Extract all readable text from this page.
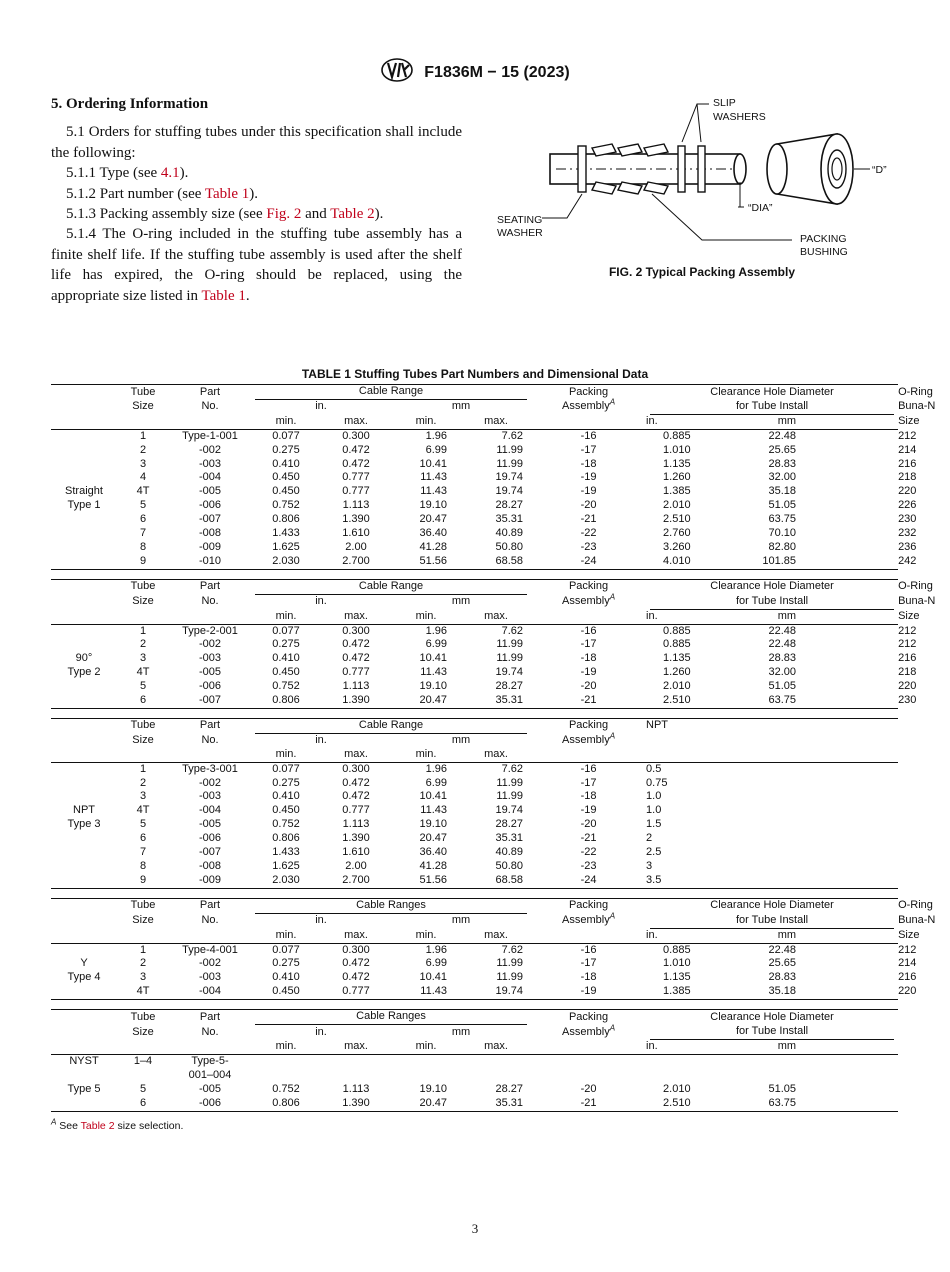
F1836M − 15 (2023)
5. Ordering Information

5.1 Orders for stuffing tubes under this specification shall include the following:

5.1.1 Type (see 4.1).

5.1.2 Part number (see Table 1).

5.1.3 Packing assembly size (see Fig. 2 and Table 2).

5.1.4 The O-ring included in the stuffing tube assembly has a finite shelf life. If the stuffing tube assembly is used after the shelf life has expired, the O-ring should be replaced, using the appropriate size listed in Table 1.

SLIP
WASHERS
SEATING
WASHER	PACKING
BUSHING
“D”
“DIA”
FIG. 2 Typical Packing Assembly
TABLE 1 Stuffing Tubes Part Numbers and Dimensional Data
	Tube	Part	Cable Range				Packing	Clearance Hole Diameter			O-Ring
	Size	No.	in.		mm		Assembly$^A$	for Tube Install			Buna-N
			min.	max.	min.	max.		in.	mm		Size
	1	Type-1-001	0.077	0.300	1.96	7.62	-16	0.885	22.48		212
	2	-002	0.275	0.472	6.99	11.99	-17	1.010	25.65		214
	3	-003	0.410	0.472	10.41	11.99	-18	1.135	28.83		216
	4	-004	0.450	0.777	11.43	19.74	-19	1.260	32.00		218
Straight	4T	-005	0.450	0.777	11.43	19.74	-19	1.385	35.18		220
Type 1	5	-006	0.752	1.113	19.10	28.27	-20	2.010	51.05		226
	6	-007	0.806	1.390	20.47	35.31	-21	2.510	63.75		230
	7	-008	1.433	1.610	36.40	40.89	-22	2.760	70.10		232
	8	-009	1.625	2.00	41.28	50.80	-23	3.260	82.80		236
	9	-010	2.030	2.700	51.56	68.58	-24	4.010	101.85		242

	Tube	Part	Cable Range				Packing	Clearance Hole Diameter			O-Ring
	Size	No.	in.		mm		Assembly$^A$	for Tube Install			Buna-N
			min.	max.	min.	max.		in.	mm		Size
	1	Type-2-001	0.077	0.300	1.96	7.62	-16	0.885	22.48		212
	2	-002	0.275	0.472	6.99	11.99	-17	0.885	22.48		212
90°	3	-003	0.410	0.472	10.41	11.99	-18	1.135	28.83		216
Type 2	4T	-005	0.450	0.777	11.43	19.74	-19	1.260	32.00		218
	5	-006	0.752	1.113	19.10	28.27	-20	2.010	51.05		220
	6	-007	0.806	1.390	20.47	35.31	-21	2.510	63.75		230

	Tube	Part	Cable Range				Packing	NPT			
	Size	No.	in.		mm		Assembly$^A$	
			min.	max.	min.	max.					
	1	Type-3-001	0.077	0.300	1.96	7.62	-16	0.5			
	2	-002	0.275	0.472	6.99	11.99	-17	0.75			
	3	-003	0.410	0.472	10.41	11.99	-18	1.0			
NPT	4T	-004	0.450	0.777	11.43	19.74	-19	1.0			
Type 3	5	-005	0.752	1.113	19.10	28.27	-20	1.5			
	6	-006	0.806	1.390	20.47	35.31	-21	2			
	7	-007	1.433	1.610	36.40	40.89	-22	2.5			
	8	-008	1.625	2.00	41.28	50.80	-23	3			
	9	-009	2.030	2.700	51.56	68.58	-24	3.5			

	Tube	Part	Cable Ranges				Packing	Clearance Hole Diameter			O-Ring
	Size	No.	in.		mm		Assembly$^A$	for Tube Install			Buna-N
			min.	max.	min.	max.		in.	mm		Size
	1	Type-4-001	0.077	0.300	1.96	7.62	-16	0.885	22.48		212
Y	2	-002	0.275	0.472	6.99	11.99	-17	1.010	25.65		214
Type 4	3	-003	0.410	0.472	10.41	11.99	-18	1.135	28.83		216
	4T	-004	0.450	0.777	11.43	19.74	-19	1.385	35.18		220

	Tube	Part	Cable Ranges				Packing	Clearance Hole Diameter			
	Size	No.	in.		mm		Assembly$^A$	for Tube Install			

			min.	max.	min.	max.		in.	mm		
NYST	1–4	Type-5-									
		001–004									
Type 5	5	-005	0.752	1.113	19.10	28.27	-20	2.010	51.05		
	6	-006	0.806	1.390	20.47	35.31	-21	2.510	63.75		
$^A$ See Table 2 size selection.
3
